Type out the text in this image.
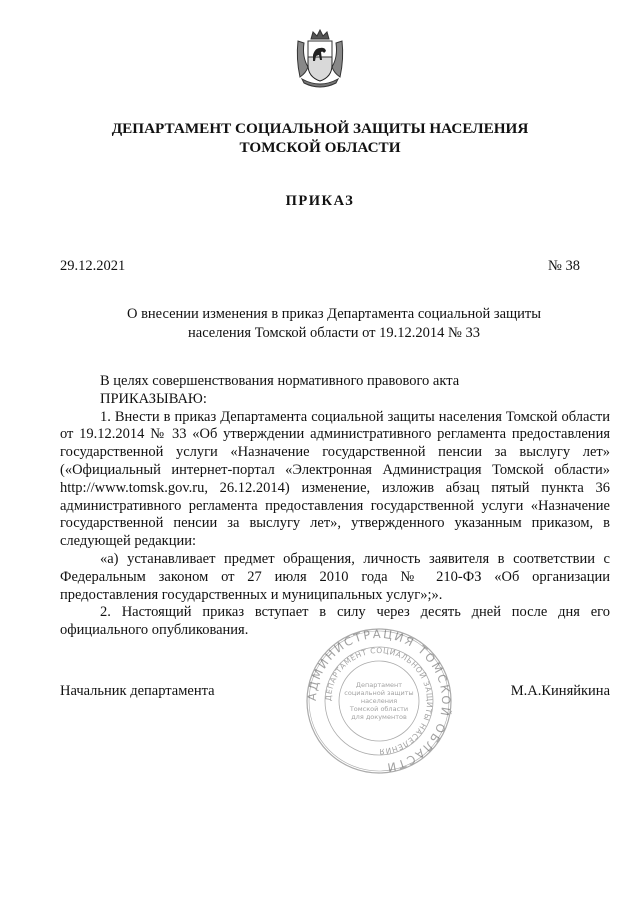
ДЕПАРТАМЕНТ СОЦИАЛЬНОЙ ЗАЩИТЫ НАСЕЛЕНИЯ
ТОМСКОЙ ОБЛАСТИ
ПРИКАЗ
29.12.2021	№ 38
О внесении изменения в приказ Департамента социальной защиты
населения Томской области от 19.12.2014 № 33

В целях совершенствования нормативного правового акта

ПРИКАЗЫВАЮ:

1. Внести в приказ Департамента социальной защиты населения Томской области от 19.12.2014 № 33 «Об утверждении административного регламента предоставления государственной услуги «Назначение государственной пенсии за выслугу лет» («Официальный интернет-портал «Электронная Администрация Томской области» http://www.tomsk.gov.ru, 26.12.2014) изменение, изложив абзац пятый пункта 36 административного регламента предоставления государственной услуги «Назначение государственной пенсии за выслугу лет», утвержденного указанным приказом, в следующей редакции:

«а) устанавливает предмет обращения, личность заявителя в соответствии с Федеральным законом от 27 июля 2010 года № 210-ФЗ «Об организации предоставления государственных и муниципальных услуг»;».

2. Настоящий приказ вступает в силу через десять дней после дня его официального опубликования.

Начальник департамента	М.А.Киняйкина
АДМИНИСТРАЦИЯ ТОМСКОЙ ОБЛАСТИ
ДЕПАРТАМЕНТ СОЦИАЛЬНОЙ ЗАЩИТЫ НАСЕЛЕНИЯ
Департамент
социальной защиты
населения
Томской области
для документов
